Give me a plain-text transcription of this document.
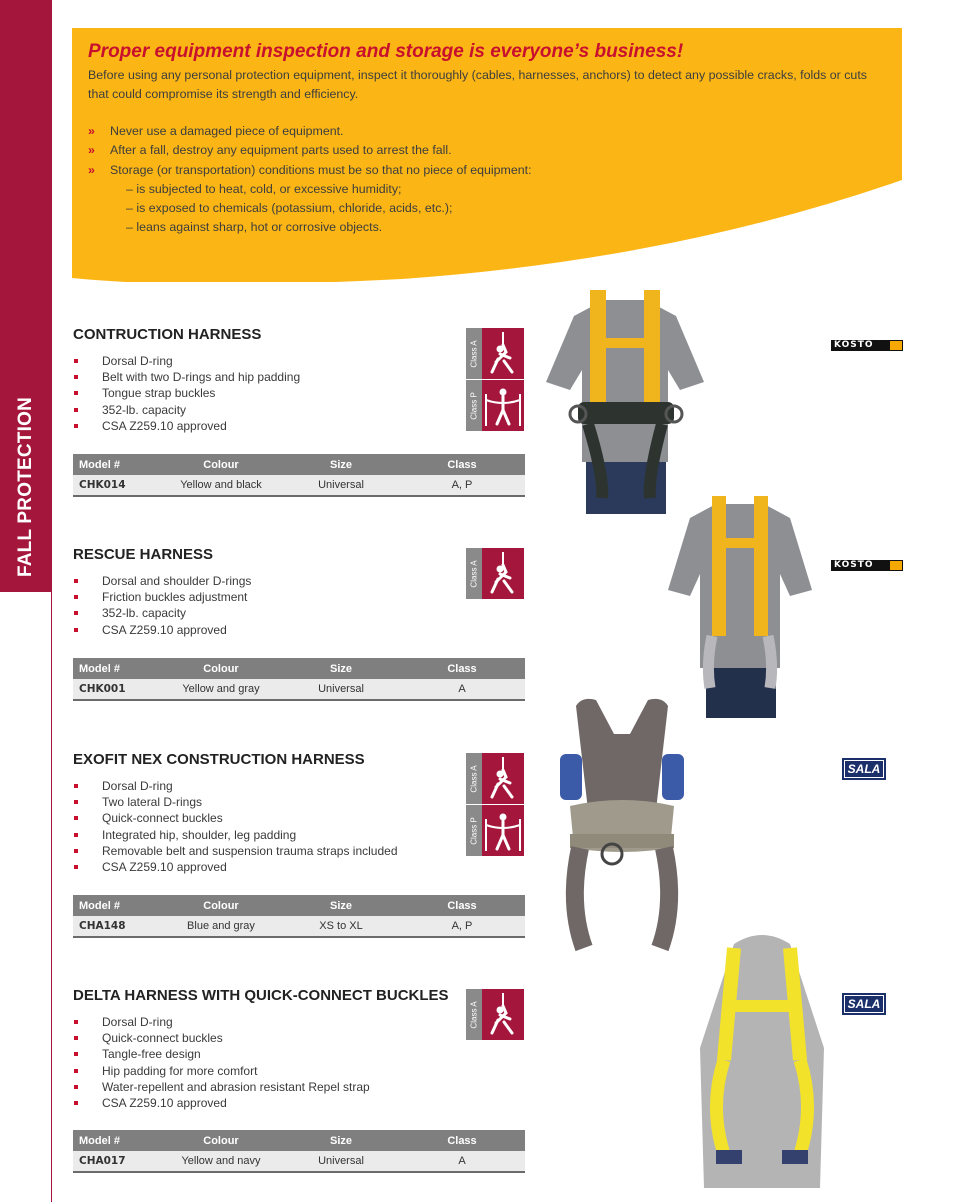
FALL PROTECTION
Proper equipment inspection and storage is everyone’s business!
Before using any personal protection equipment, inspect it thoroughly (cables, harnesses, anchors) to detect any possible cracks, folds or cuts that could compromise its strength and efficiency.
»	Never use a damaged piece of equipment.
»	After a fall, destroy any equipment parts used to arrest the fall.
»	Storage (or transportation) conditions must be so that no piece of equipment:
– is subjected to heat, cold, or excessive humidity;
– is exposed to chemicals (potassium, chloride, acids, etc.);
– leans against sharp, hot or corrosive objects.
CONTRUCTION HARNESS
Dorsal D-ring
Belt with two D-rings and hip padding
Tongue strap buckles
352-lb. capacity
CSA Z259.10 approved
Model #	Colour	Size	Class
CHK014	Yellow and black	Universal	A, P
RESCUE HARNESS
Dorsal and shoulder D-rings
Friction buckles adjustment
352-lb. capacity
CSA Z259.10 approved
Model #	Colour	Size	Class
CHK001	Yellow and gray	Universal	A
EXOFIT NEX CONSTRUCTION HARNESS
Dorsal D-ring
Two lateral D-rings
Quick-connect buckles
Integrated hip, shoulder, leg padding
Removable belt and suspension trauma straps included
CSA Z259.10 approved
Model #	Colour	Size	Class
CHA148	Blue and gray	XS to XL	A, P
DELTA HARNESS WITH QUICK-CONNECT BUCKLES
Dorsal D-ring
Quick-connect buckles
Tangle-free design
Hip padding for more comfort
Water-repellent and abrasion resistant Repel strap
CSA Z259.10 approved
Model #	Colour	Size	Class
CHA017	Yellow and navy	Universal	A
Class A
Class P
Class A
Class A
Class P
Class A
KOSTO
KOSTO
SALA
SALA
